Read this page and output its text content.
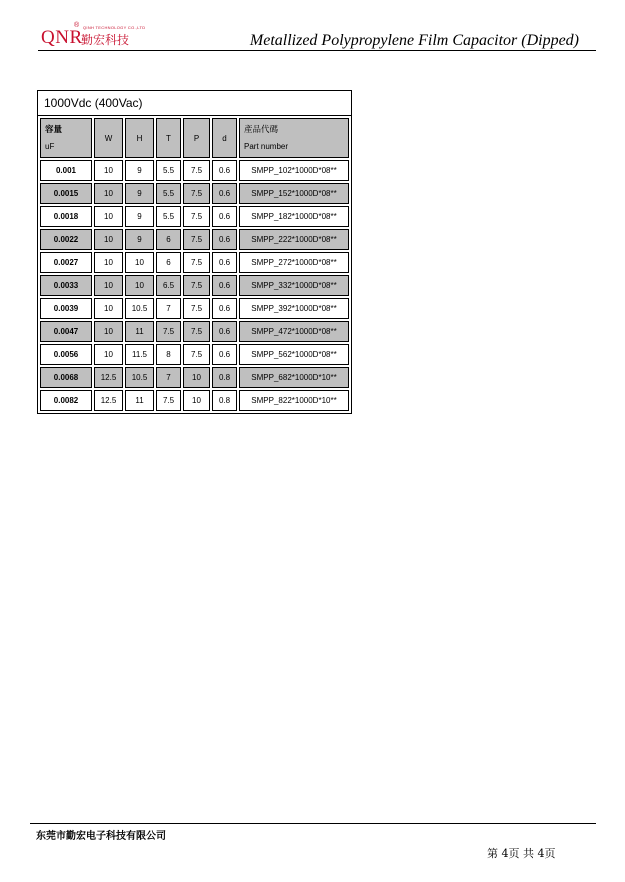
QNR
® QINH TECHNOLOGY CO.,LTD
勤宏科技	Metallized Polypropylene Film Capacitor (Dipped)
1000Vdc (400Vac)
容量
uF	W	H	T	P	d	產品代碼
Part number

0.001	10	9	5.5	7.5	0.6	SMPP_102*1000D*08**
0.0015	10	9	5.5	7.5	0.6	SMPP_152*1000D*08**
0.0018	10	9	5.5	7.5	0.6	SMPP_182*1000D*08**
0.0022	10	9	6	7.5	0.6	SMPP_222*1000D*08**
0.0027	10	10	6	7.5	0.6	SMPP_272*1000D*08**
0.0033	10	10	6.5	7.5	0.6	SMPP_332*1000D*08**
0.0039	10	10.5	7	7.5	0.6	SMPP_392*1000D*08**
0.0047	10	11	7.5	7.5	0.6	SMPP_472*1000D*08**
0.0056	10	11.5	8	7.5	0.6	SMPP_562*1000D*08**
0.0068	12.5	10.5	7	10	0.8	SMPP_682*1000D*10**
0.0082	12.5	11	7.5	10	0.8	SMPP_822*1000D*10**
东莞市勤宏电子科技有限公司
第 4页 共 4页
